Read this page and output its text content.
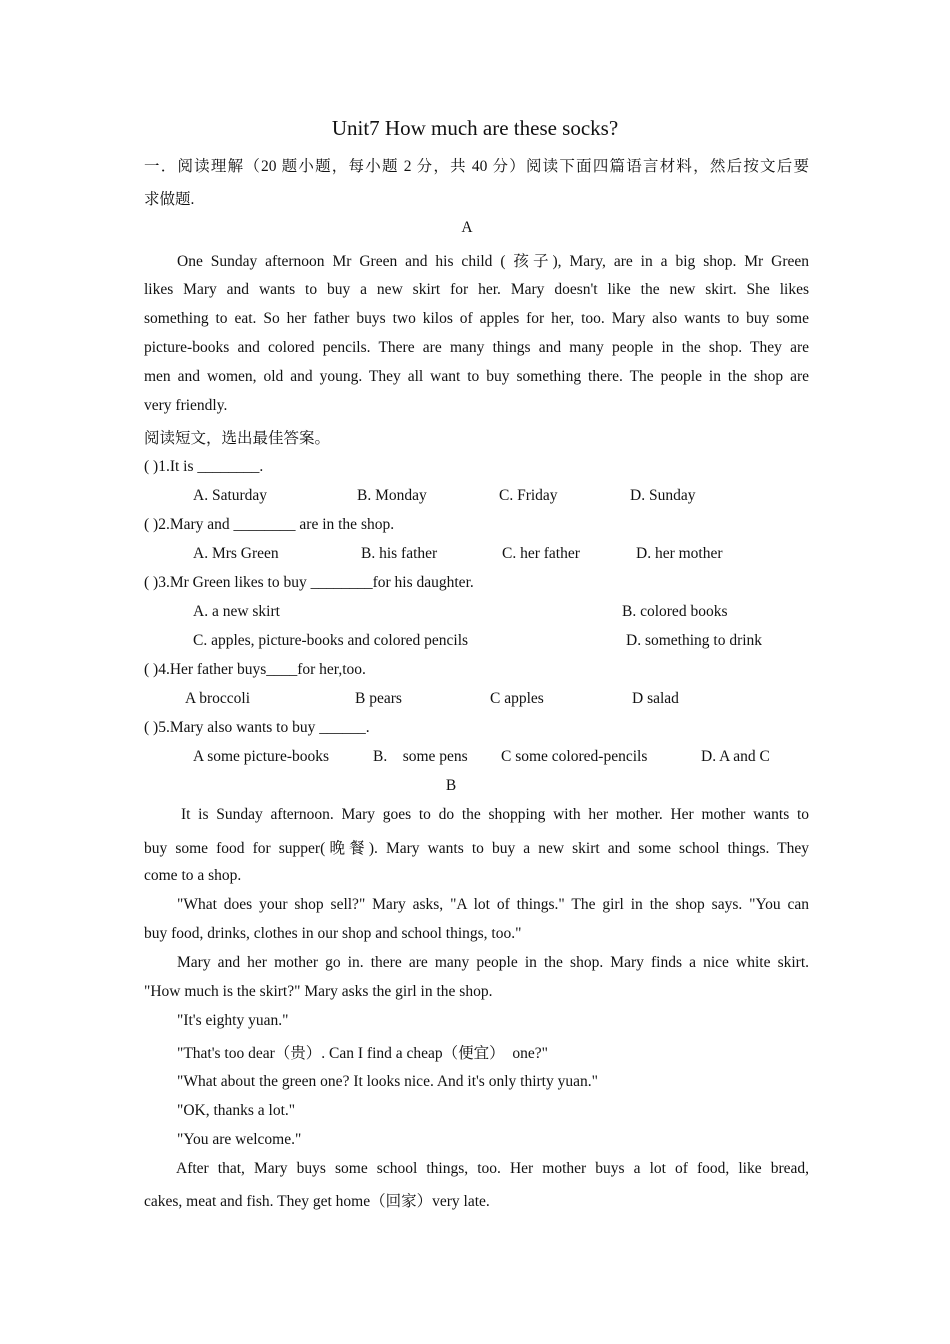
Unit7 How much are these socks?
一．阅读理解（20 题小题，每小题 2 分，共 40 分）阅读下面四篇语言材料，然后按文后要
求做题.
A
One Sunday afternoon Mr Green and his child ( 孩子), Mary, are in a big shop. Mr Green
likes Mary and wants to buy a new skirt for her. Mary doesn't like the new skirt. She likes
something to eat. So her father buys two kilos of apples for her, too. Mary also wants to buy some
picture-books and colored pencils. There are many things and many people in the shop. They are
men and women, old and young. They all want to buy something there. The people in the shop are
very friendly.
阅读短文，选出最佳答案。
( )1.It is ________.
A. Saturday	B. Monday	C. Friday	D. Sunday
( )2.Mary and ________ are in the shop.
A. Mrs Green	B. his father	C. her father	D. her mother
( )3.Mr Green likes to buy ________for his daughter.
A. a new skirt	B. colored books
C. apples, picture-books and colored pencils	D. something to drink
( )4.Her father buys____for her,too.
A broccoli	B pears	C apples	D salad
( )5.Mary also wants to buy ______.
A some picture-books	B.    some pens C some colored-pencils	D. A and C
B
It is Sunday afternoon. Mary goes to do the shopping with her mother. Her mother wants to
buy some food for supper(晚餐). Mary wants to buy a new skirt and some school things. They
come to a shop.
"What does your shop sell?" Mary asks, "A lot of things." The girl in the shop says. "You can
buy food, drinks, clothes in our shop and school things, too."
Mary and her mother go in. there are many people in the shop. Mary finds a nice white skirt.
"How much is the skirt?" Mary asks the girl in the shop.
"It's eighty yuan."
"That's too dear（贵）. Can I find a cheap（便宜）  one?"
"What about the green one? It looks nice. And it's only thirty yuan."
"OK, thanks a lot."
"You are welcome."
After that, Mary buys some school things, too. Her mother buys a lot of food, like bread,
cakes, meat and fish. They get home（回家）very late.
